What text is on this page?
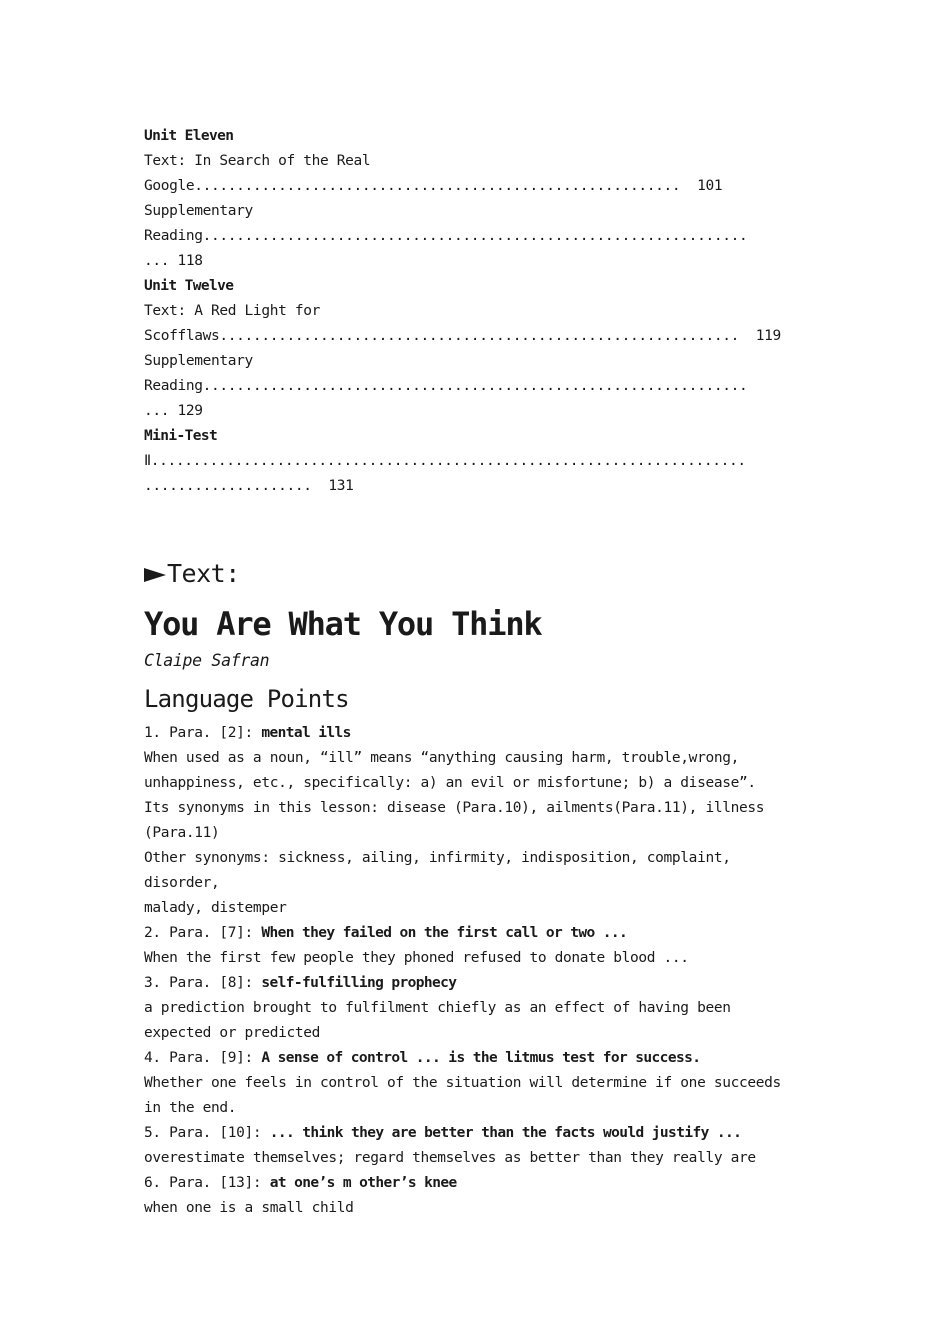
Unit Eleven
Text: In Search of the Real
Google..........................................................  101
Supplementary
Reading.................................................................
... 118
Unit Twelve
Text: A Red Light for
Scofflaws..............................................................  119
Supplementary
Reading.................................................................
... 129
Mini-Test
Ⅱ.......................................................................
....................  131
Text:
You Are What You Think
Claipe Safran
Language Points
1. Para. [2]: mental ills
When used as a noun, “ill” means “anything causing harm, trouble,wrong,
unhappiness, etc., specifically: a) an evil or misfortune; b) a disease”.
Its synonyms in this lesson: disease (Para.10), ailments(Para.11), illness
(Para.11)
Other synonyms: sickness, ailing, infirmity, indisposition, complaint,
disorder,
malady, distemper
2. Para. [7]: When they failed on the first call or two ...
When the first few people they phoned refused to donate blood ...
3. Para. [8]: self-fulfilling prophecy
a prediction brought to fulfilment chiefly as an effect of having been
expected or predicted
4. Para. [9]: A sense of control ... is the litmus test for success.
Whether one feels in control of the situation will determine if one succeeds
in the end.
5. Para. [10]: ... think they are better than the facts would justify ...
overestimate themselves; regard themselves as better than they really are
6. Para. [13]: at one’s m other’s knee
when one is a small child
